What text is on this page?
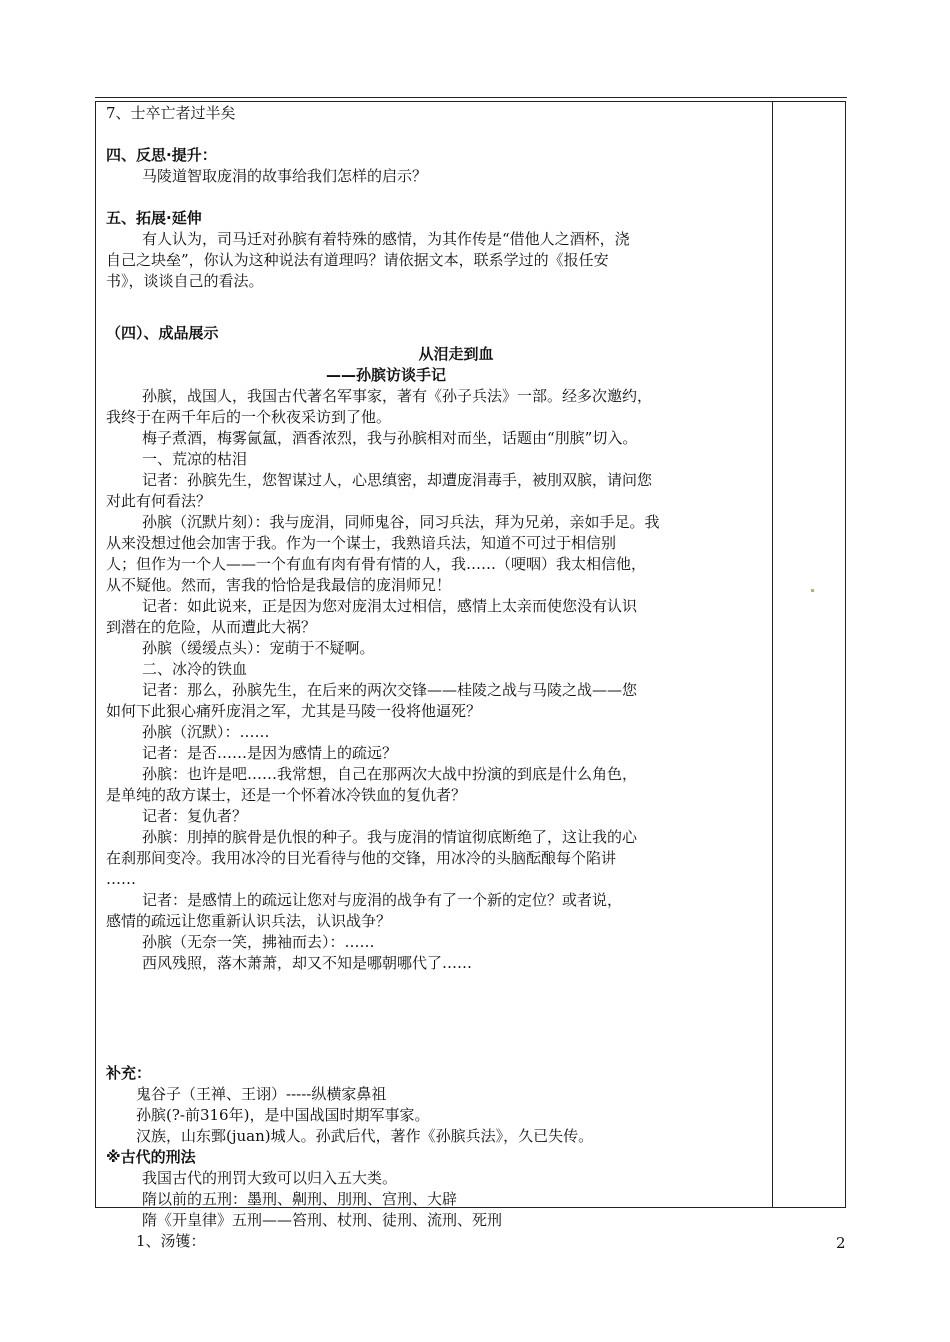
7、士卒亡者过半矣
四、反思·提升：
马陵道智取庞涓的故事给我们怎样的启示？
五、拓展·延伸
有人认为，司马迁对孙膑有着特殊的感情，为其作传是“借他人之酒杯，浇
自己之块垒”，你认为这种说法有道理吗？请依据文本，联系学过的《报任安
书》，谈谈自己的看法。
（四）、成品展示
从泪走到血
——孙膑访谈手记
孙膑，战国人，我国古代著名军事家，著有《孙子兵法》一部。经多次邀约，
我终于在两千年后的一个秋夜采访到了他。
梅子煮酒，梅雾氤氲，酒香浓烈，我与孙膑相对而坐，话题由“刖膑”切入。
一、荒凉的枯泪
记者：孙膑先生，您智谋过人，心思缜密，却遭庞涓毒手，被刖双膑，请问您
对此有何看法？
孙膑（沉默片刻）：我与庞涓，同师鬼谷，同习兵法，拜为兄弟，亲如手足。我
从来没想过他会加害于我。作为一个谋士，我熟谙兵法，知道不可过于相信别
人；但作为一个人——一个有血有肉有骨有情的人，我……（哽咽）我太相信他，
从不疑他。然而，害我的恰恰是我最信的庞涓师兄！
记者：如此说来，正是因为您对庞涓太过相信，感情上太亲而使您没有认识
到潜在的危险，从而遭此大祸？
孙膑（缓缓点头）：宠萌于不疑啊。
二、冰冷的铁血
记者：那么，孙膑先生，在后来的两次交锋——桂陵之战与马陵之战——您
如何下此狠心痛歼庞涓之军，尤其是马陵一役将他逼死？
孙膑（沉默）：……
记者：是否……是因为感情上的疏远？
孙膑：也许是吧……我常想，自己在那两次大战中扮演的到底是什么角色，
是单纯的敌方谋士，还是一个怀着冰冷铁血的复仇者？
记者：复仇者？
孙膑：刖掉的膑骨是仇恨的种子。我与庞涓的情谊彻底断绝了，这让我的心
在刹那间变冷。我用冰冷的目光看待与他的交锋，用冰冷的头脑酝酿每个陷讲
……
记者：是感情上的疏远让您对与庞涓的战争有了一个新的定位？或者说，
感情的疏远让您重新认识兵法，认识战争？
孙膑（无奈一笑，拂袖而去）：……
西风残照，落木萧萧，却又不知是哪朝哪代了……
补充：
鬼谷子（王禅、王诩）-----纵横家鼻祖
孙膑(?-前316年)，是中国战国时期军事家。
汉族，山东鄄(juan)城人。孙武后代，著作《孙膑兵法》，久已失传。
※古代的刑法
我国古代的刑罚大致可以归入五大类。
隋以前的五刑：墨刑、劓刑、刖刑、宫刑、大辟
隋《开皇律》五刑——笞刑、杖刑、徒刑、流刑、死刑
1、汤镬：	2
